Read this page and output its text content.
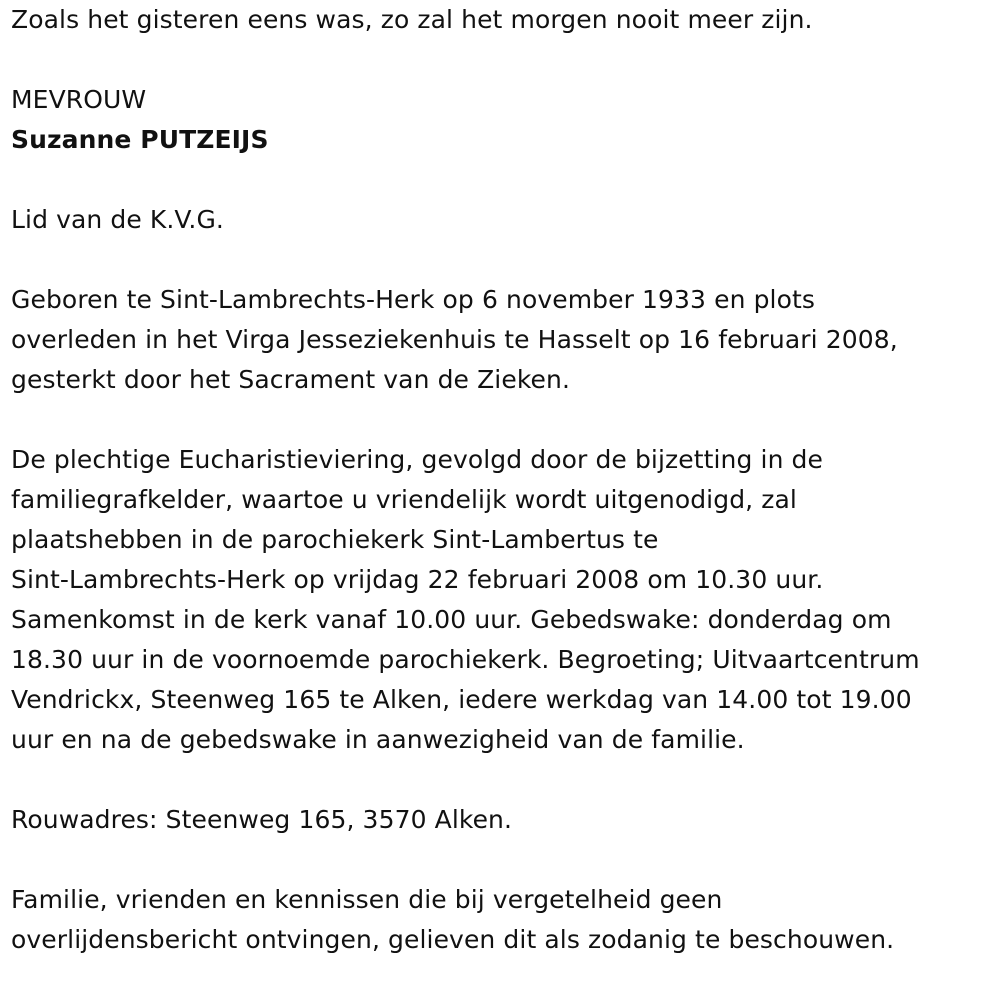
Zoals het gisteren eens was, zo zal het morgen nooit meer zijn.

MEVROUW

Suzanne PUTZEIJS

Lid van de K.V.G.

Geboren te Sint-Lambrechts-Herk op 6 november 1933 en plots
overleden in het Virga Jesseziekenhuis te Hasselt op 16 februari 2008,
gesterkt door het Sacrament van de Zieken.

De plechtige Eucharistieviering, gevolgd door de bijzetting in de
familiegrafkelder, waartoe u vriendelijk wordt uitgenodigd, zal
plaatshebben in de parochiekerk Sint-Lambertus te
Sint-Lambrechts-Herk op vrijdag 22 februari 2008 om 10.30 uur.
Samenkomst in de kerk vanaf 10.00 uur. Gebedswake: donderdag om
18.30 uur in de voornoemde parochiekerk. Begroeting; Uitvaartcentrum
Vendrickx, Steenweg 165 te Alken, iedere werkdag van 14.00 tot 19.00
uur en na de gebedswake in aanwezigheid van de familie.

Rouwadres: Steenweg 165, 3570 Alken.

Familie, vrienden en kennissen die bij vergetelheid geen
overlijdensbericht ontvingen, gelieven dit als zodanig te beschouwen.
